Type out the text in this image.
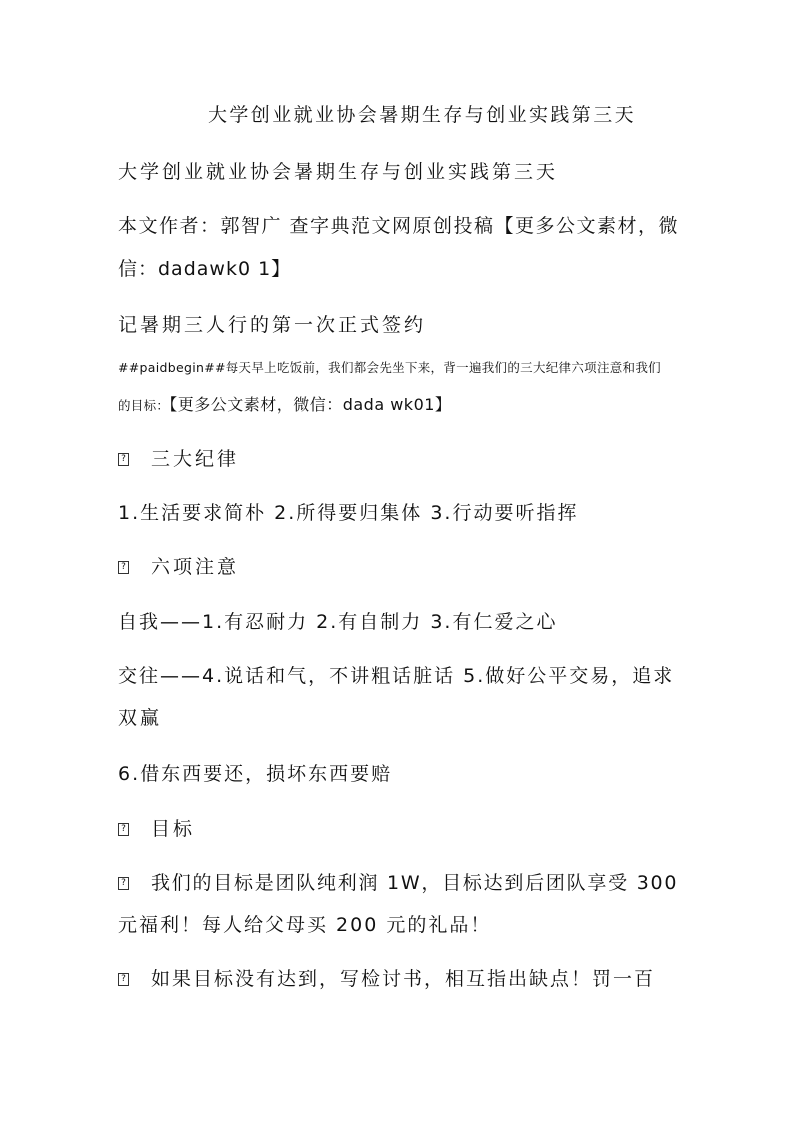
大学创业就业协会暑期生存与创业实践第三天
大学创业就业协会暑期生存与创业实践第三天
本文作者：郭智广 查字典范文网原创投稿【更多公文素材，微
信：dadawk0 1】
记暑期三人行的第一次正式签约
##paidbegin##每天早上吃饭前，我们都会先坐下来，背一遍我们的三大纪律六项注意和我们
的目标：【更多公文素材，微信：dada wk01】
? 三大纪律
1.生活要求简朴 2.所得要归集体 3.行动要听指挥
? 六项注意
自我——1.有忍耐力 2.有自制力 3.有仁爱之心
交往——4.说话和气，不讲粗话脏话 5.做好公平交易，追求
双赢
6.借东西要还，损坏东西要赔
? 目标
? 我们的目标是团队纯利润 1W，目标达到后团队享受 300
元福利！每人给父母买 200 元的礼品！
? 如果目标没有达到，写检讨书，相互指出缺点！罚一百
